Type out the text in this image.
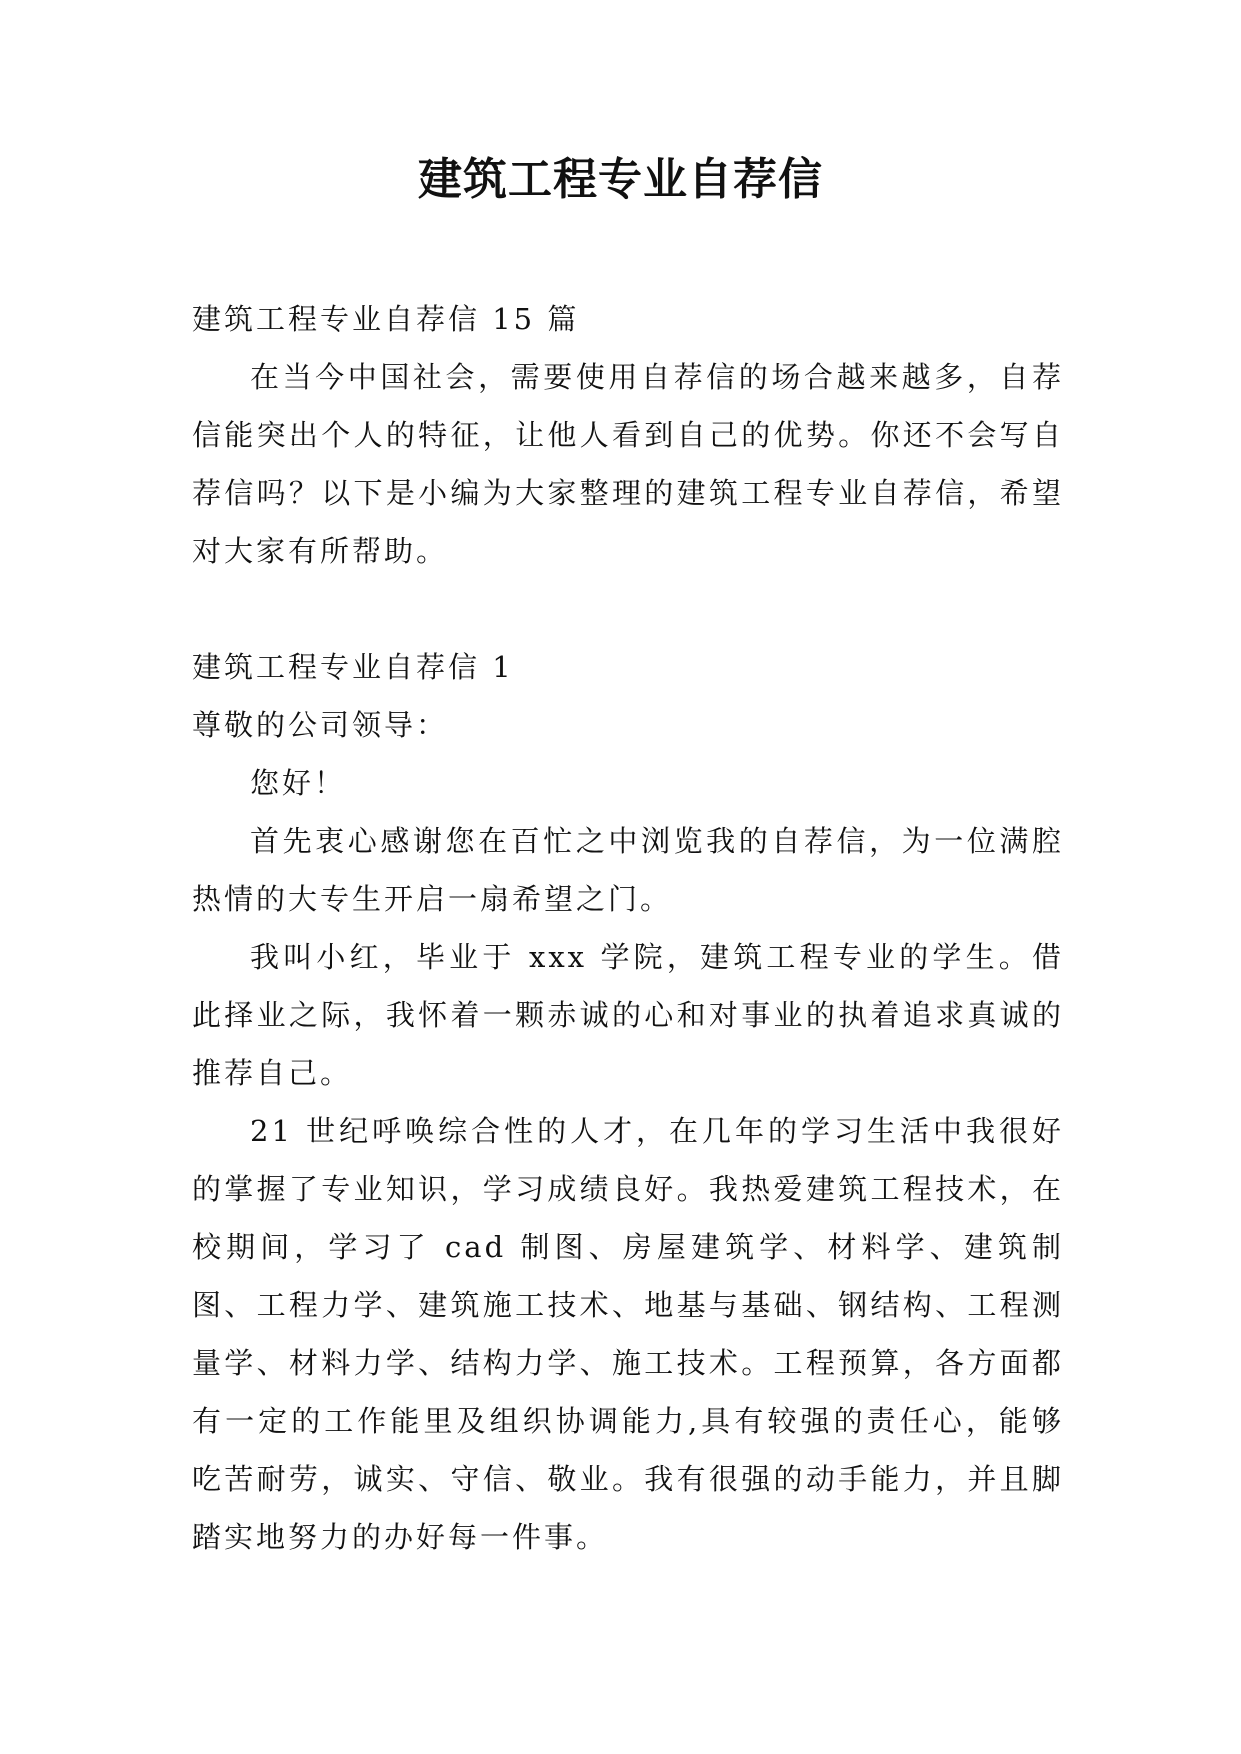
建筑工程专业自荐信

建筑工程专业自荐信 15 篇

在当今中国社会，需要使用自荐信的场合越来越多，自荐信能突出个人的特征，让他人看到自己的优势。你还不会写自荐信吗？以下是小编为大家整理的建筑工程专业自荐信，希望对大家有所帮助。

建筑工程专业自荐信 1

尊敬的公司领导：

您好！

首先衷心感谢您在百忙之中浏览我的自荐信，为一位满腔热情的大专生开启一扇希望之门。

我叫小红，毕业于 xxx 学院，建筑工程专业的学生。借此择业之际，我怀着一颗赤诚的心和对事业的执着追求真诚的推荐自己。

21 世纪呼唤综合性的人才，在几年的学习生活中我很好的掌握了专业知识，学习成绩良好。我热爱建筑工程技术，在校期间，学习了 cad 制图、房屋建筑学、材料学、建筑制图、工程力学、建筑施工技术、地基与基础、钢结构、工程测量学、材料力学、结构力学、施工技术。工程预算，各方面都有一定的工作能里及组织协调能力,具有较强的责任心，能够吃苦耐劳，诚实、守信、敬业。我有很强的动手能力，并且脚踏实地努力的办好每一件事。
